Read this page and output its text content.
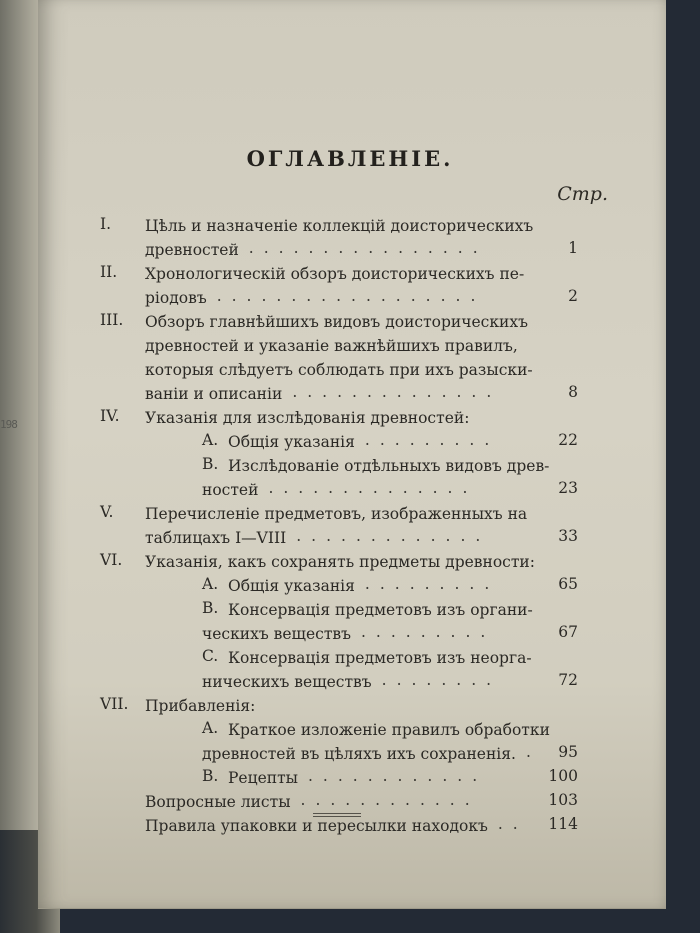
198
ОГЛАВЛЕНІЕ.
Стр.
I. Цѣль и назначеніе коллекцій доисторическихъ
древностей ................	1
II. Хронологическій обзоръ доисторическихъ пе-
ріодовъ ..................	2
III. Обзоръ главнѣйшихъ видовъ доисторическихъ
древностей и указаніе важнѣйшихъ правилъ,
которыя слѣдуетъ соблюдать при ихъ разыски-
ваніи и описаніи ..............	8
IV. Указанія для изслѣдованія древностей:
A. Общія указанія .........	22
B. Изслѣдованіе отдѣльныхъ видовъ древ-
ностей ..............	23
V. Перечисленіе предметовъ, изображенныхъ на
таблицахъ I—VIII .............	33
VI. Указанія, какъ сохранять предметы древности:
A. Общія указанія .........	65
B. Консервація предметовъ изъ органи-
ческихъ веществъ .........	67
C. Консервація предметовъ изъ неорга-
ническихъ веществъ ........	72
VII. Прибавленія:
A. Краткое изложеніе правилъ обработки
древностей въ цѣляхъ ихъ сохраненія. . 95
B. Рецепты ............	100
Вопросные листы ............	103
Правила упаковки и пересылки находокъ .. 114
